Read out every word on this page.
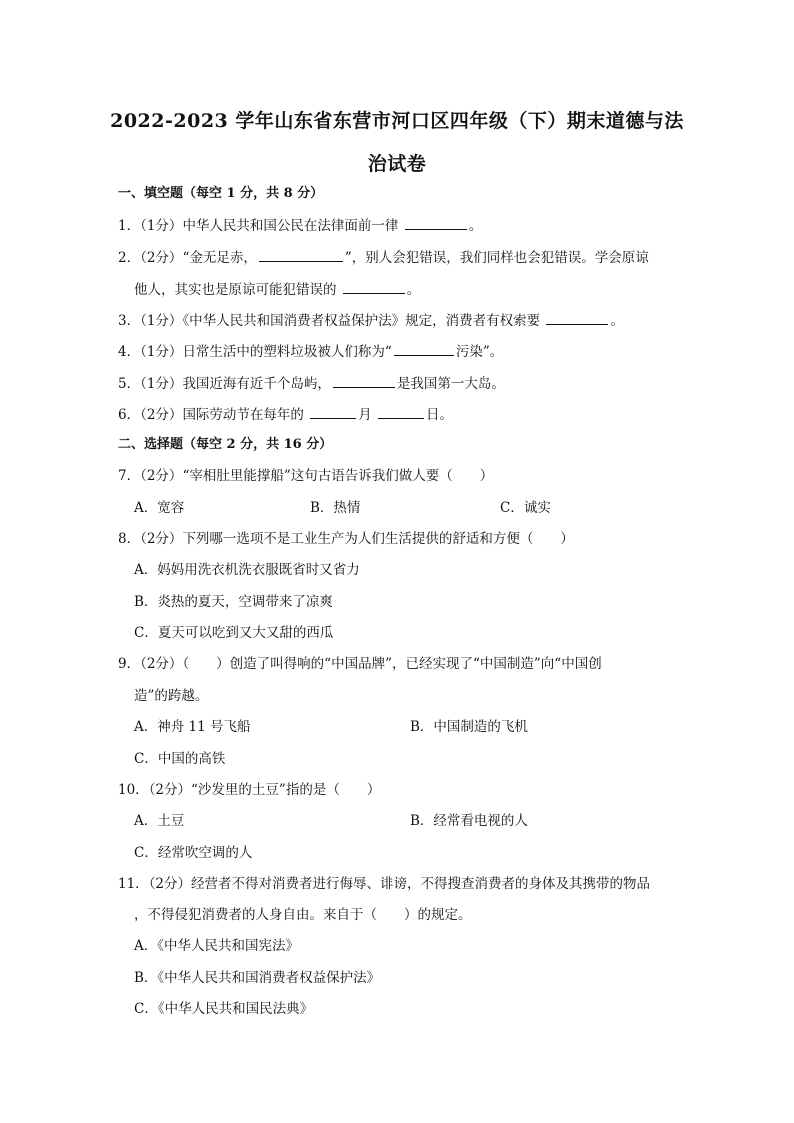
2022-2023 学年山东省东营市河口区四年级（下）期末道德与法
治试卷
一、填空题（每空 1 分，共 8 分）
1．（1分）中华人民共和国公民在法律面前一律	。
2．（2分）“金无足赤，	”，别人会犯错误，我们同样也会犯错误。学会原谅
他人，其实也是原谅可能犯错误的	。
3．（1分）《中华人民共和国消费者权益保护法》规定，消费者有权索要	。
4．（1分）日常生活中的塑料垃圾被人们称为“	污染”。
5．（1分）我国近海有近千个岛屿，	是我国第一大岛。
6．（2分）国际劳动节在每年的	月	日。
二、选择题（每空 2 分，共 16 分）
7．（2分）“宰相肚里能撑船”这句古语告诉我们做人要（　　）
A．宽容	B．热情	C．诚实
8．（2分）下列哪一选项不是工业生产为人们生活提供的舒适和方便（　　）
A．妈妈用洗衣机洗衣服既省时又省力
B．炎热的夏天，空调带来了凉爽
C．夏天可以吃到又大又甜的西瓜
9．（2分）（　　）创造了叫得响的“中国品牌”，已经实现了“中国制造”向“中国创
造”的跨越。
A．神舟 11 号飞船	B．中国制造的飞机
C．中国的高铁
10．（2分）“沙发里的土豆”指的是（　　）
A．土豆	B．经常看电视的人
C．经常吹空调的人
11．（2分）经营者不得对消费者进行侮辱、诽谤，不得搜查消费者的身体及其携带的物品
，不得侵犯消费者的人身自由。来自于（　　）的规定。
A．《中华人民共和国宪法》
B．《中华人民共和国消费者权益保护法》
C．《中华人民共和国民法典》
